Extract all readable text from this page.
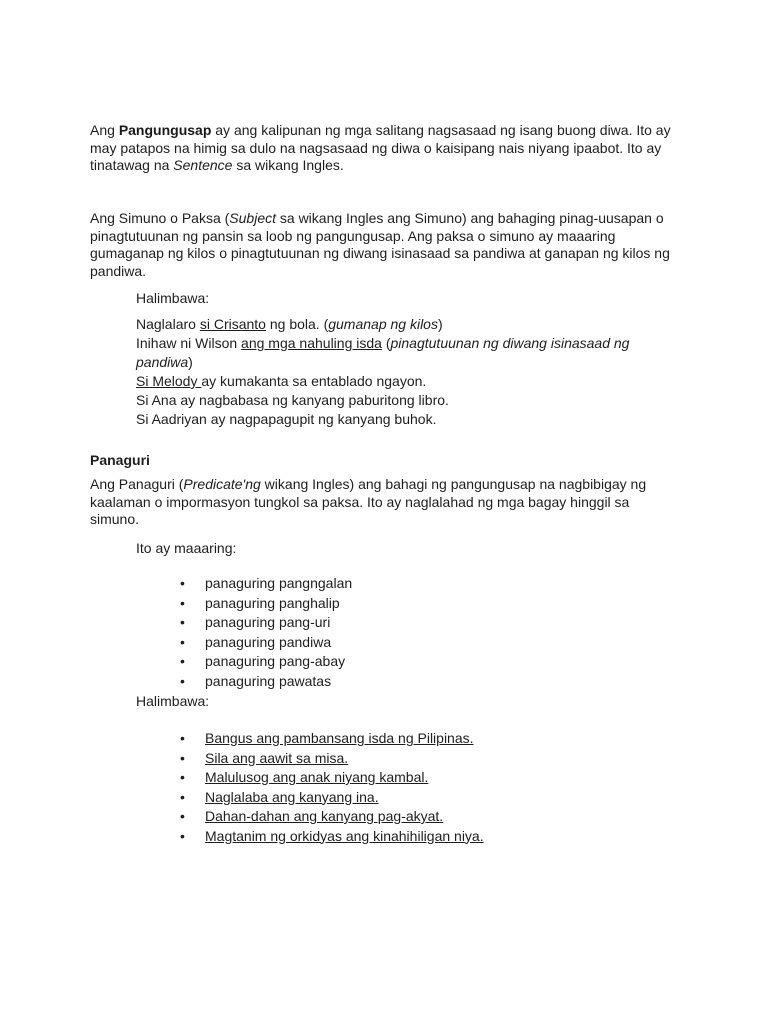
Ang Pangungusap ay ang kalipunan ng mga salitang nagsasaad ng isang buong diwa. Ito ay may patapos na himig sa dulo na nagsasaad ng diwa o kaisipang nais niyang ipaabot. Ito ay tinatawag na Sentence sa wikang Ingles.
Ang Simuno o Paksa (Subject sa wikang Ingles ang Simuno) ang bahaging pinag-uusapan o pinagtutuunan ng pansin sa loob ng pangungusap. Ang paksa o simuno ay maaaring gumaganap ng kilos o pinagtutuunan ng diwang isinasaad sa pandiwa at ganapan ng kilos ng pandiwa.
Halimbawa:
Naglalaro si Crisanto ng bola. (gumanap ng kilos)
Inihaw ni Wilson ang mga nahuling isda (pinagtutuunan ng diwang isinasaad ng pandiwa)
Si Melody ay kumakanta sa entablado ngayon.
Si Ana ay nagbabasa ng kanyang paburitong libro.
Si Aadriyan ay nagpapagupit ng kanyang buhok.
Panaguri
Ang Panaguri (Predicate'ng wikang Ingles) ang bahagi ng pangungusap na nagbibigay ng kaalaman o impormasyon tungkol sa paksa. Ito ay naglalahad ng mga bagay hinggil sa simuno.
Ito ay maaaring:
• panaguring pangngalan
• panaguring panghalip
• panaguring pang-uri
• panaguring pandiwa
• panaguring pang-abay
• panaguring pawatas
Halimbawa:
• Bangus ang pambansang isda ng Pilipinas.
• Sila ang aawit sa misa.
• Malulusog ang anak niyang kambal.
• Naglalaba ang kanyang ina.
• Dahan-dahan ang kanyang pag-akyat.
• Magtanim ng orkidyas ang kinahihiligan niya.
